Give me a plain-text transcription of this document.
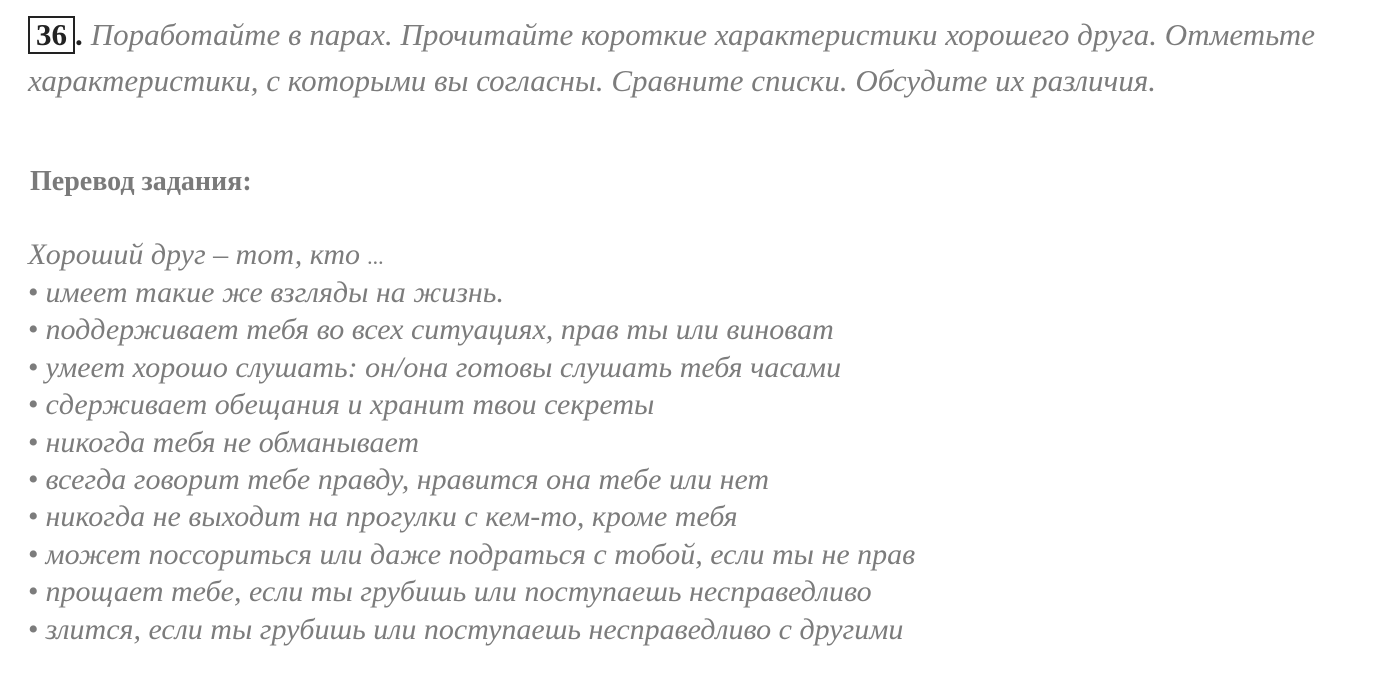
36 . Поработайте в парах. Прочитайте короткие характеристики хорошего друга. Отметьте характеристики, с которыми вы согласны. Сравните списки. Обсудите их различия.
Перевод задания:
Хороший друг – тот, кто ...
• имеет такие же взгляды на жизнь.
• поддерживает тебя во всех ситуациях, прав ты или виноват
• умеет хорошо слушать: он/она готовы слушать тебя часами
• сдерживает обещания и хранит твои секреты
• никогда тебя не обманывает
• всегда говорит тебе правду, нравится она тебе или нет
• никогда не выходит на прогулки с кем-то, кроме тебя
• может поссориться или даже подраться с тобой, если ты не прав
• прощает тебе, если ты грубишь или поступаешь несправедливо
• злится, если ты грубишь или поступаешь несправедливо с другими
